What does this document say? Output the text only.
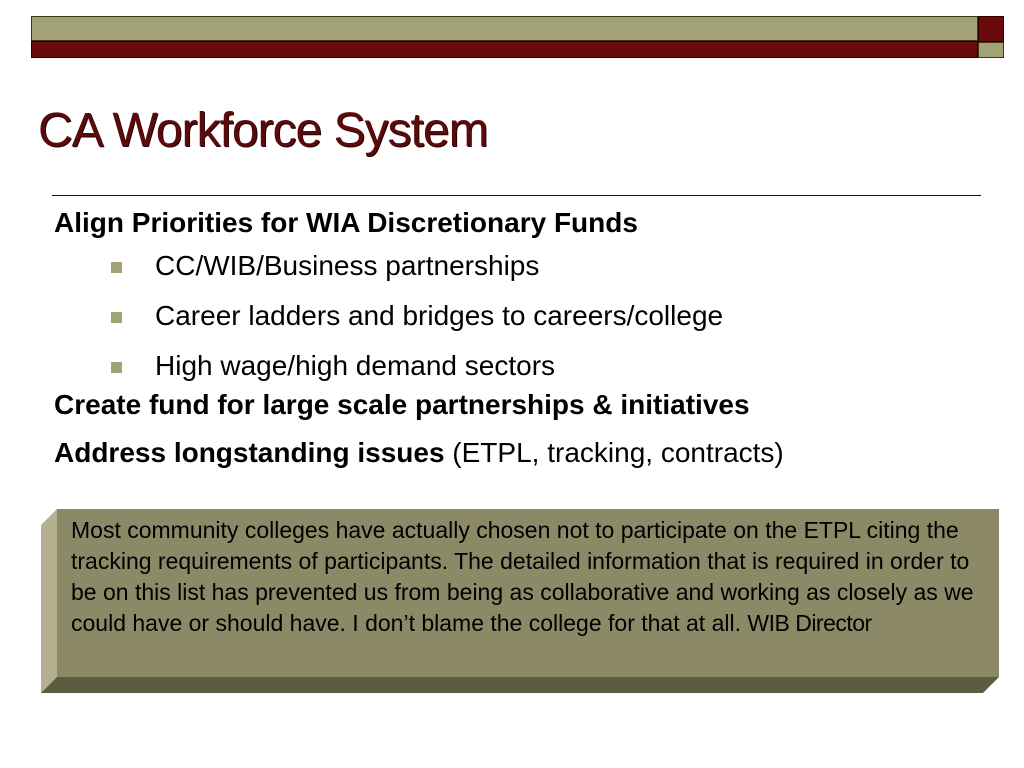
CA Workforce System

Align Priorities for WIA Discretionary Funds

CC/WIB/Business partnerships
Career ladders and bridges to careers/college
High wage/high demand sectors

Create fund for large scale partnerships & initiatives

Address longstanding issues (ETPL, tracking, contracts)

Most community colleges have actually chosen not to participate on the ETPL citing the tracking requirements of participants. The detailed information that is required in order to be on this list has prevented us from being as collaborative and working as closely as we could have or should have. I don’t blame the college for that at all. WIB Director
